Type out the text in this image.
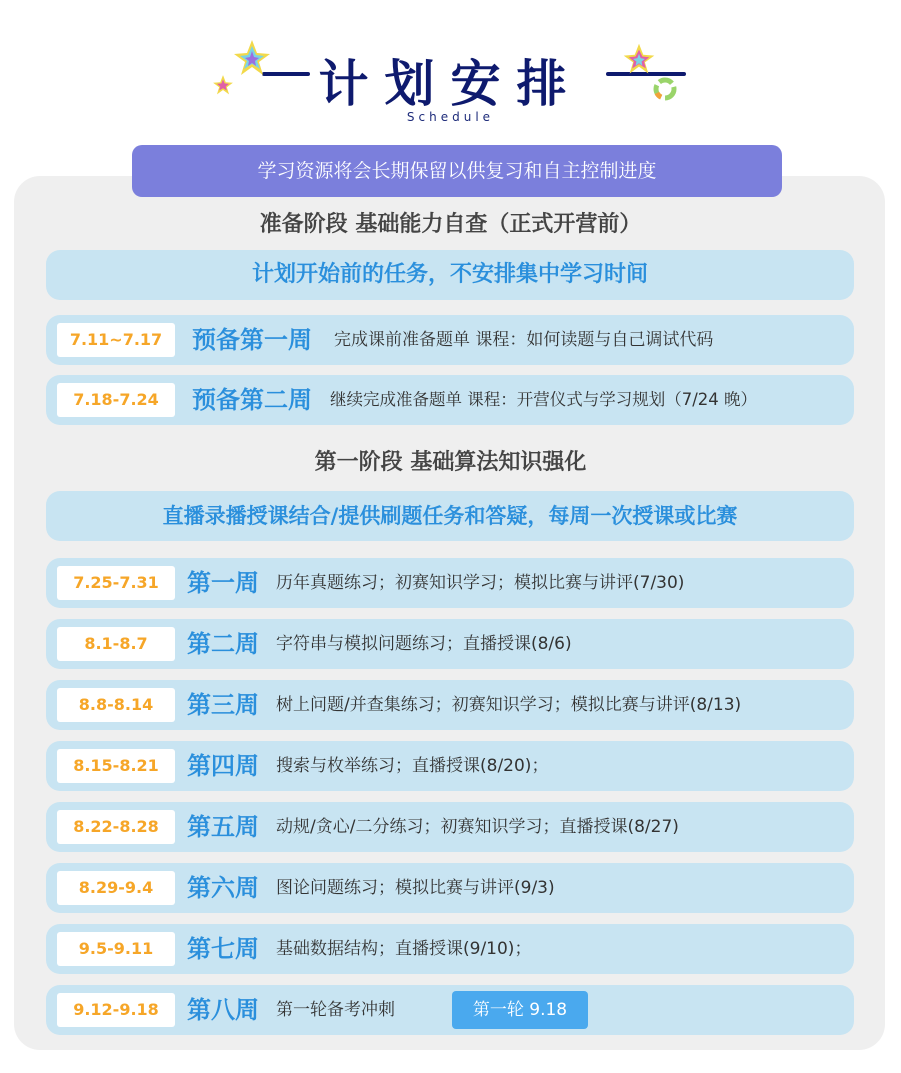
计划安排
Schedule
学习资源将会长期保留以供复习和自主控制进度
准备阶段 基础能力自查（正式开营前）
计划开始前的任务，不安排集中学习时间
7.11~7.17	预备第一周 完成课前准备题单 课程：如何读题与自己调试代码
7.18-7.24	预备第二周 继续完成准备题单 课程：开营仪式与学习规划（7/24 晚）
第一阶段 基础算法知识强化
直播录播授课结合/提供刷题任务和答疑，每周一次授课或比赛
7.25-7.31	第一周 历年真题练习；初赛知识学习；模拟比赛与讲评(7/30)
8.1-8.7	第二周 字符串与模拟问题练习；直播授课(8/6)
8.8-8.14	第三周 树上问题/并查集练习；初赛知识学习；模拟比赛与讲评(8/13)
8.15-8.21	第四周 搜索与枚举练习；直播授课(8/20)；
8.22-8.28	第五周 动规/贪心/二分练习；初赛知识学习；直播授课(8/27)
8.29-9.4	第六周 图论问题练习；模拟比赛与讲评(9/3)
9.5-9.11	第七周 基础数据结构；直播授课(9/10)；
9.12-9.18	第八周 第一轮备考冲刺	第一轮 9.18
